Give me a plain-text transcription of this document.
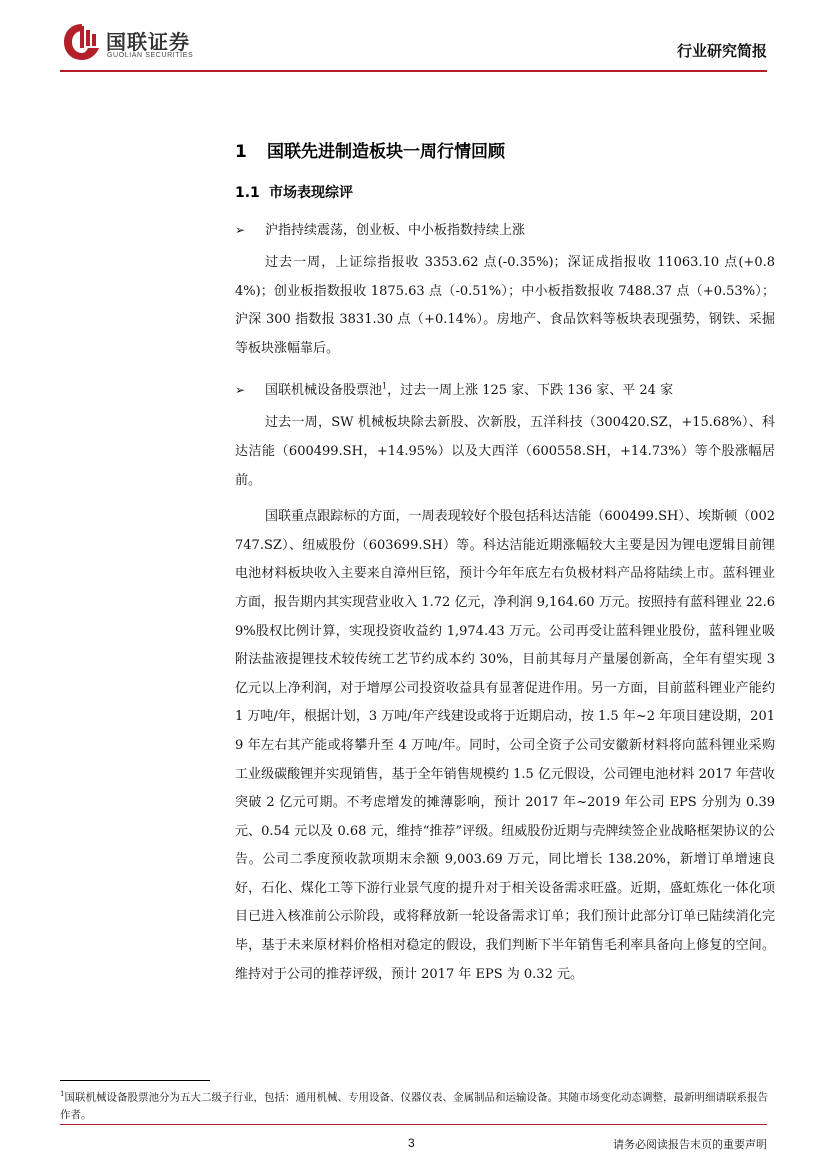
国联证券
GUOLIAN SECURITIES	行业研究简报
1 国联先进制造板块一周行情回顾
1.1 市场表现综评
➢ 沪指持续震荡，创业板、中小板指数持续上涨

过去一周，上证综指报收 3353.62 点(-0.35%)；深证成指报收 11063.10 点(+0.84%)；创业板指数报收 1875.63 点（-0.51%）；中小板指数报收 7488.37 点（+0.53%）；沪深 300 指数报 3831.30 点（+0.14%）。房地产、食品饮料等板块表现强势，钢铁、采掘等板块涨幅靠后。

➢ 国联机械设备股票池$^1$，过去一周上涨 125 家、下跌 136 家、平 24 家

过去一周，SW 机械板块除去新股、次新股，五洋科技（300420.SZ，+15.68%）、科达洁能（600499.SH，+14.95%）以及大西洋（600558.SH，+14.73%）等个股涨幅居前。

国联重点跟踪标的方面，一周表现较好个股包括科达洁能（600499.SH）、埃斯顿（002747.SZ）、纽威股份（603699.SH）等。科达洁能近期涨幅较大主要是因为锂电逻辑目前锂电池材料板块收入主要来自漳州巨铭，预计今年年底左右负极材料产品将陆续上市。蓝科锂业方面，报告期内其实现营业收入 1.72 亿元，净利润 9,164.60 万元。按照持有蓝科锂业 22.69%股权比例计算，实现投资收益约 1,974.43 万元。公司再受让蓝科锂业股份，蓝科锂业吸附法盐液提锂技术较传统工艺节约成本约 30%，目前其每月产量屡创新高，全年有望实现 3 亿元以上净利润，对于增厚公司投资收益具有显著促进作用。另一方面，目前蓝科锂业产能约 1 万吨/年，根据计划，3 万吨/年产线建设或将于近期启动，按 1.5 年~2 年项目建设期，2019 年左右其产能或将攀升至 4 万吨/年。同时，公司全资子公司安徽新材料将向蓝科锂业采购工业级碳酸锂并实现销售，基于全年销售规模约 1.5 亿元假设，公司锂电池材料 2017 年营收突破 2 亿元可期。不考虑增发的摊薄影响，预计 2017 年~2019 年公司 EPS 分别为 0.39 元、0.54 元以及 0.68 元，维持“推荐”评级。纽威股份近期与壳牌续签企业战略框架协议的公告。公司二季度预收款项期末余额 9,003.69 万元，同比增长 138.20%，新增订单增速良好，石化、煤化工等下游行业景气度的提升对于相关设备需求旺盛。近期，盛虹炼化一体化项目已进入核准前公示阶段，或将释放新一轮设备需求订单；我们预计此部分订单已陆续消化完毕，基于未来原材料价格相对稳定的假设，我们判断下半年销售毛利率具备向上修复的空间。维持对于公司的推荐评级，预计 2017 年 EPS 为 0.32 元。

$^1$国联机械设备股票池分为五大二级子行业，包括：通用机械、专用设备、仪器仪表、金属制品和运输设备。其随市场变化动态调整，最新明细请联系报告作者。
3	请务必阅读报告末页的重要声明
